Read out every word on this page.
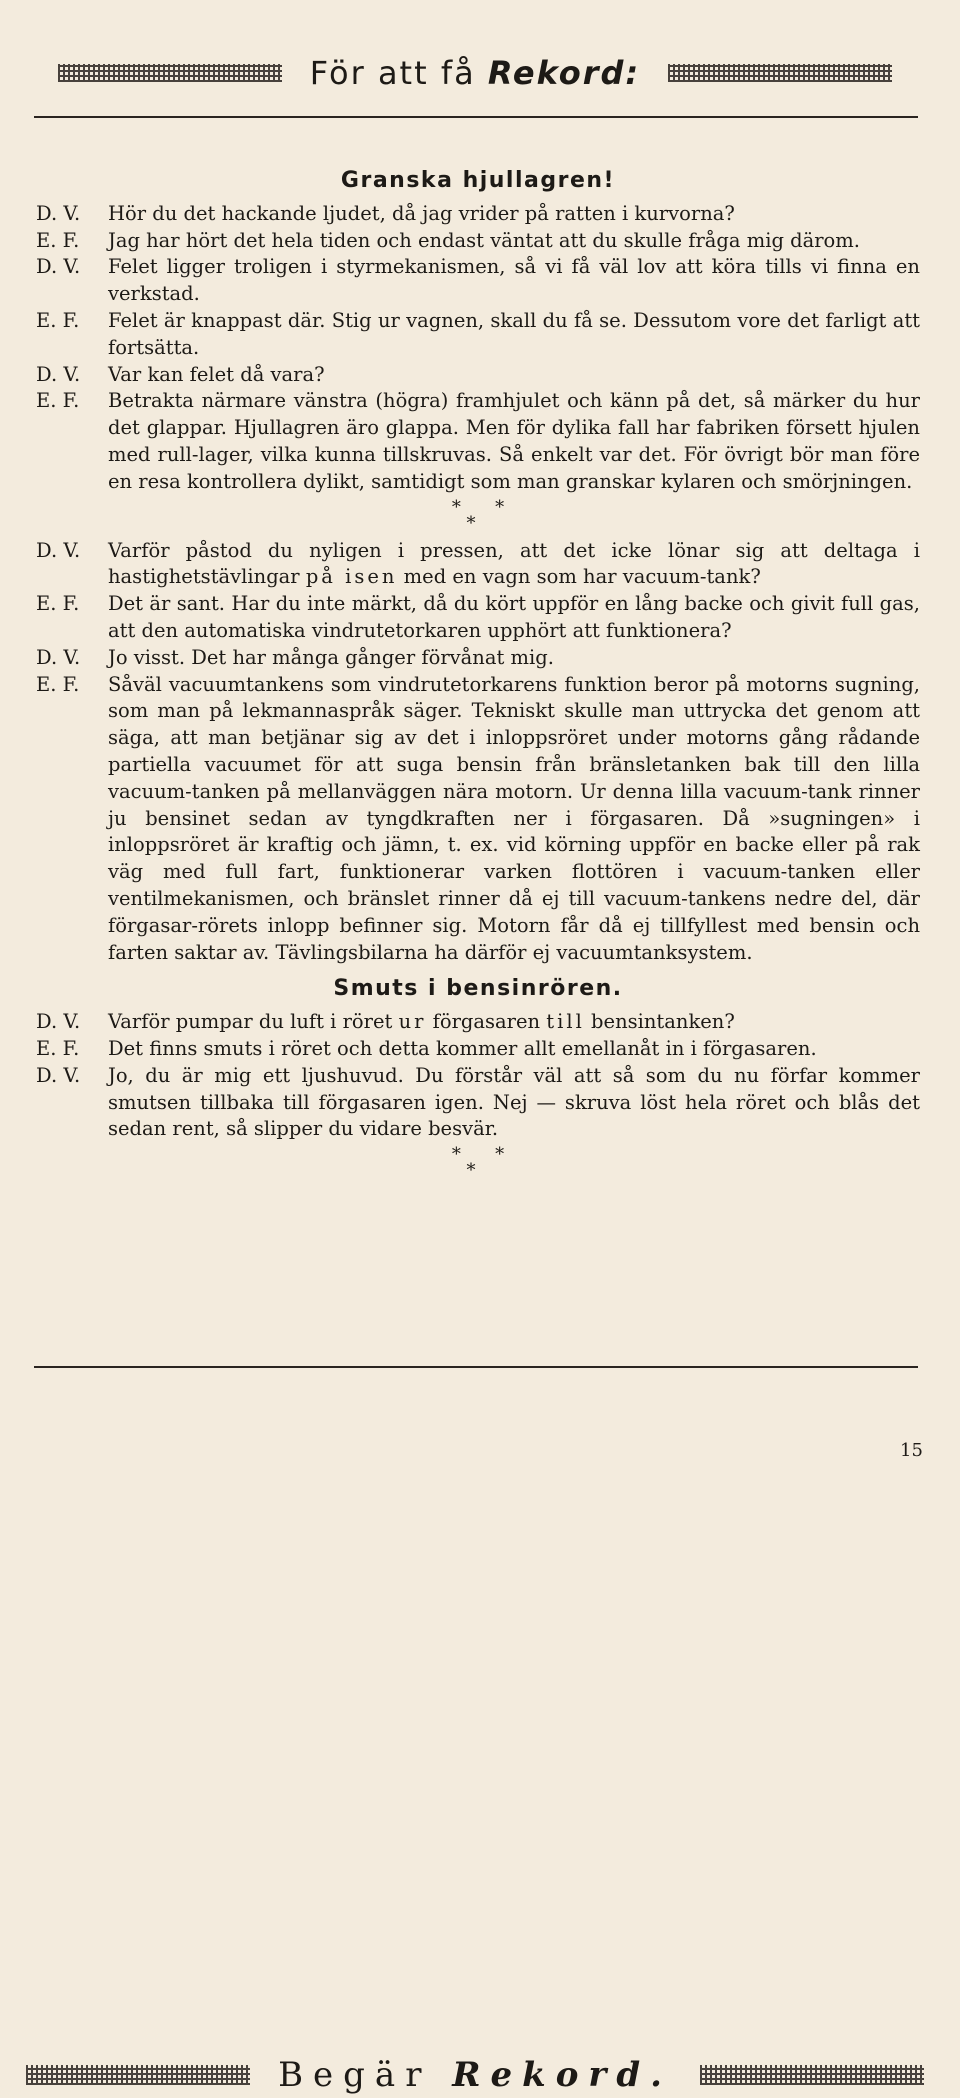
För att få Rekord:
Granska hjullagren!
D. V.	Hör du det hackande ljudet, då jag vrider på ratten i kurvorna?
E. F.	Jag har hört det hela tiden och endast väntat att du skulle fråga mig därom.
D. V.	Felet ligger troligen i styrmekanismen, så vi få väl lov att köra tills vi finna en verkstad.
E. F.	Felet är knappast där. Stig ur vagnen, skall du få se. Dessutom vore det farligt att fortsätta.
D. V.	Var kan felet då vara?
E. F.	Betrakta närmare vänstra (högra) framhjulet och känn på det, så märker du hur det glappar. Hjullagren äro glappa. Men för dylika fall har fabriken försett hjulen med rull-lager, vilka kunna tillskruvas. Så enkelt var det. För övrigt bör man före en resa kontrollera dylikt, samtidigt som man granskar kylaren och smörjningen.
* *
*
D. V.	Varför påstod du nyligen i pressen, att det icke lönar sig att deltaga i hastighetstävlingar på isen med en vagn som har vacuum-tank?
E. F.	Det är sant. Har du inte märkt, då du kört uppför en lång backe och givit full gas, att den automatiska vindrutetorkaren upphört att funktionera?
D. V.	Jo visst. Det har många gånger förvånat mig.
E. F.	Såväl vacuumtankens som vindrutetorkarens funktion beror på motorns sugning, som man på lekmannaspråk säger. Tekniskt skulle man uttrycka det genom att säga, att man betjänar sig av det i inloppsröret under motorns gång rådande partiella vacuumet för att suga bensin från bränsletanken bak till den lilla vacuum-tanken på mellanväggen nära motorn. Ur denna lilla vacuum-tank rinner ju bensinet sedan av tyngdkraften ner i förgasaren. Då »sugningen» i inloppsröret är kraftig och jämn, t. ex. vid körning uppför en backe eller på rak väg med full fart, funktionerar varken flottören i vacuum-tanken eller ventilmekanismen, och bränslet rinner då ej till vacuum-tankens nedre del, där förgasar-rörets inlopp befinner sig. Motorn får då ej tillfyllest med bensin och farten saktar av. Tävlingsbilarna ha därför ej vacuumtanksystem.
Smuts i bensinrören.
D. V.	Varför pumpar du luft i röret ur förgasaren till bensintanken?
E. F.	Det finns smuts i röret och detta kommer allt emellanåt in i förgasaren.
D. V.	Jo, du är mig ett ljushuvud. Du förstår väl att så som du nu förfar kommer smutsen tillbaka till förgasaren igen. Nej — skruva löst hela röret och blås det sedan rent, så slipper du vidare besvär.
* *
*
Begär Rekord.
15
